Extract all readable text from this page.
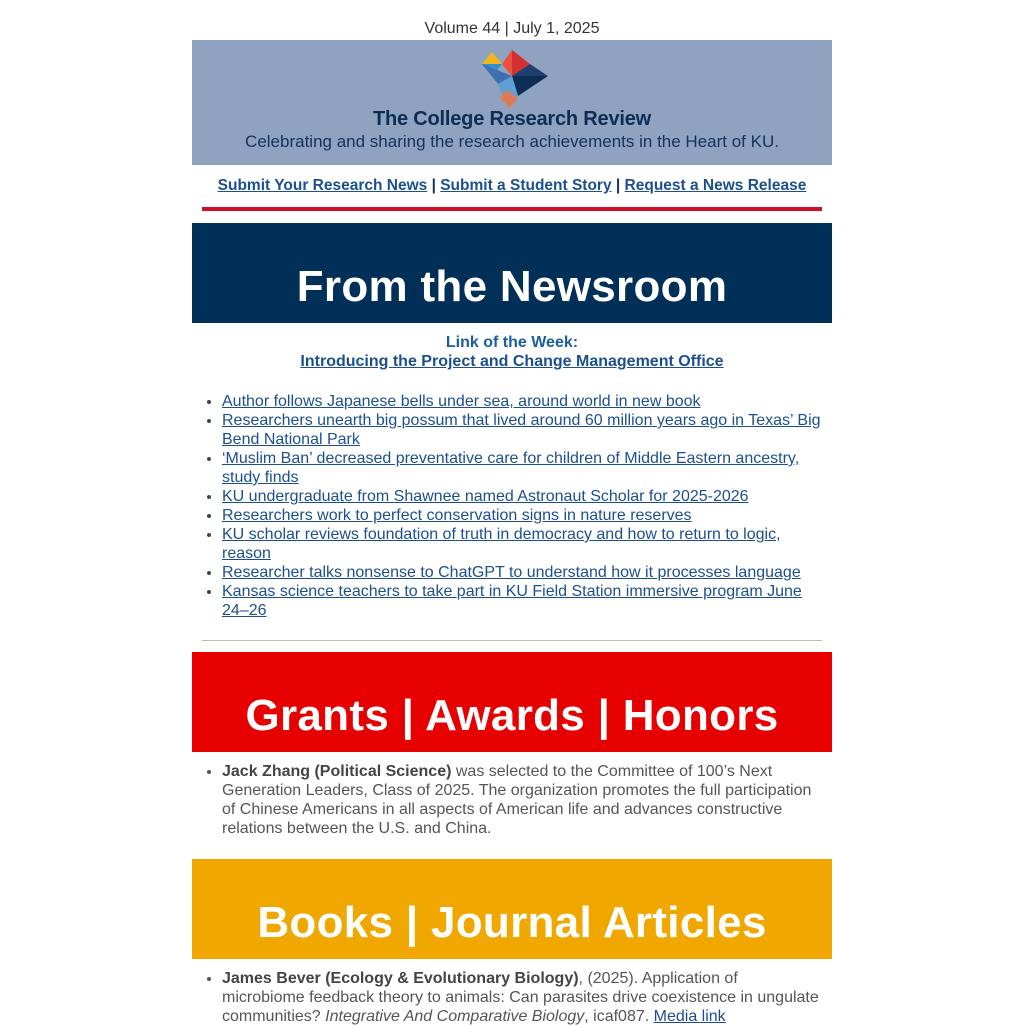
Volume 44 | July 1, 2025
The College Research Review
Celebrating and sharing the research achievements in the Heart of KU.
Submit Your Research News | Submit a Student Story | Request a News Release
From the Newsroom
Link of the Week:
Introducing the Project and Change Management Office
• Author follows Japanese bells under sea, around world in new book
• Researchers unearth big possum that lived around 60 million years ago in Texas’ Big Bend National Park
• ‘Muslim Ban’ decreased preventative care for children of Middle Eastern ancestry, study finds
• KU undergraduate from Shawnee named Astronaut Scholar for 2025-2026
• Researchers work to perfect conservation signs in nature reserves
• KU scholar reviews foundation of truth in democracy and how to return to logic, reason
• Researcher talks nonsense to ChatGPT to understand how it processes language
• Kansas science teachers to take part in KU Field Station immersive program June 24–26
Grants | Awards | Honors
• Jack Zhang (Political Science) was selected to the Committee of 100’s Next Generation Leaders, Class of 2025. The organization promotes the full participation of Chinese Americans in all aspects of American life and advances constructive relations between the U.S. and China.
Books | Journal Articles
• James Bever (Ecology & Evolutionary Biology), (2025). Application of microbiome feedback theory to animals: Can parasites drive coexistence in ungulate communities? Integrative And Comparative Biology, icaf087. Media link
